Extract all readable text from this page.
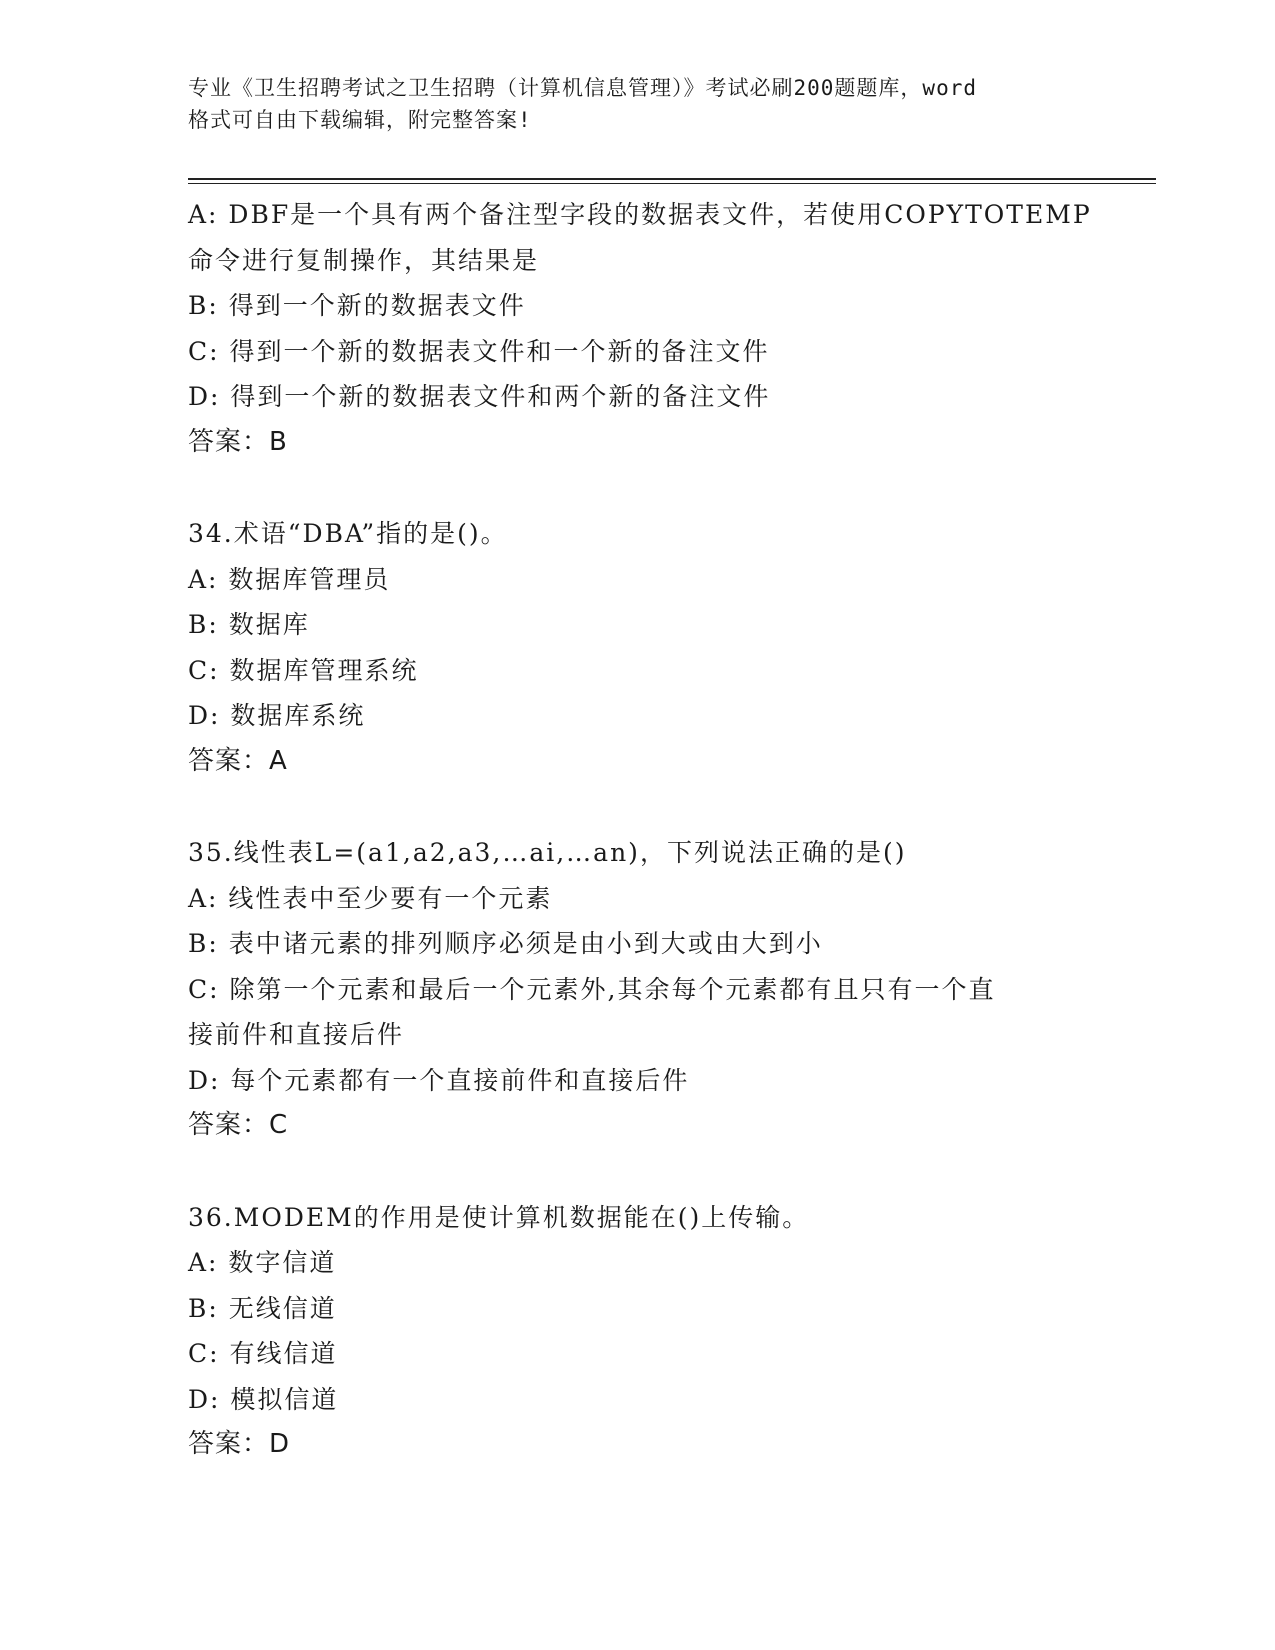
专业《卫生招聘考试之卫生招聘（计算机信息管理）》考试必刷200题题库，word
格式可自由下载编辑，附完整答案!
A: DBF是一个具有两个备注型字段的数据表文件，若使用COPYTOTEMP
命令进行复制操作，其结果是
B: 得到一个新的数据表文件
C: 得到一个新的数据表文件和一个新的备注文件
D: 得到一个新的数据表文件和两个新的备注文件
答案：B
34.术语“DBA”指的是()。
A: 数据库管理员
B: 数据库
C: 数据库管理系统
D: 数据库系统
答案：A
35.线性表L=(a1,a2,a3,…ai,…an)，下列说法正确的是()
A: 线性表中至少要有一个元素
B: 表中诸元素的排列顺序必须是由小到大或由大到小
C: 除第一个元素和最后一个元素外,其余每个元素都有且只有一个直
接前件和直接后件
D: 每个元素都有一个直接前件和直接后件
答案：C
36.MODEM的作用是使计算机数据能在()上传输。
A: 数字信道
B: 无线信道
C: 有线信道
D: 模拟信道
答案：D
